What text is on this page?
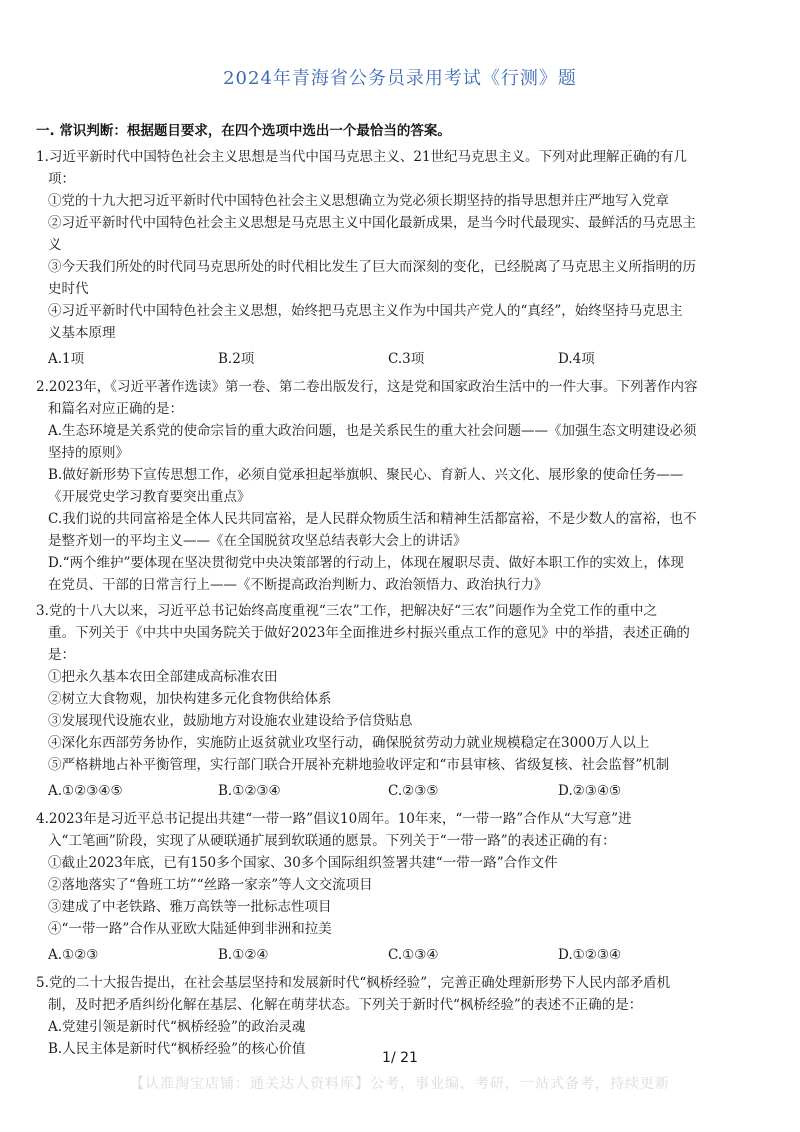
2024年青海省公务员录用考试《行测》题
一. 常识判断：根据题目要求，在四个选项中选出一个最恰当的答案。
1.习近平新时代中国特色社会主义思想是当代中国马克思主义、21世纪马克思主义。下列对此理解正确的有几
项：
①党的十九大把习近平新时代中国特色社会主义思想确立为党必须长期坚持的指导思想并庄严地写入党章
②习近平新时代中国特色社会主义思想是马克思主义中国化最新成果，是当今时代最现实、最鲜活的马克思主
义
③今天我们所处的时代同马克思所处的时代相比发生了巨大而深刻的变化，已经脱离了马克思主义所指明的历
史时代
④习近平新时代中国特色社会主义思想，始终把马克思主义作为中国共产党人的“真经”，始终坚持马克思主
义基本原理
A.1项	B.2项	C.3项	D.4项
2.2023年，《习近平著作选读》第一卷、第二卷出版发行，这是党和国家政治生活中的一件大事。下列著作内容
和篇名对应正确的是：
A.生态环境是关系党的使命宗旨的重大政治问题，也是关系民生的重大社会问题——《加强生态文明建设必须
坚持的原则》
B.做好新形势下宣传思想工作，必须自觉承担起举旗帜、聚民心、育新人、兴文化、展形象的使命任务——
《开展党史学习教育要突出重点》
C.我们说的共同富裕是全体人民共同富裕，是人民群众物质生活和精神生活都富裕，不是少数人的富裕，也不
是整齐划一的平均主义——《在全国脱贫攻坚总结表彰大会上的讲话》
D.“两个维护”要体现在坚决贯彻党中央决策部署的行动上，体现在履职尽责、做好本职工作的实效上，体现
在党员、干部的日常言行上——《不断提高政治判断力、政治领悟力、政治执行力》
3.党的十八大以来，习近平总书记始终高度重视“三农”工作，把解决好“三农”问题作为全党工作的重中之
重。下列关于《中共中央国务院关于做好2023年全面推进乡村振兴重点工作的意见》中的举措，表述正确的
是：
①把永久基本农田全部建成高标准农田
②树立大食物观，加快构建多元化食物供给体系
③发展现代设施农业，鼓励地方对设施农业建设给予信贷贴息
④深化东西部劳务协作，实施防止返贫就业攻坚行动，确保脱贫劳动力就业规模稳定在3000万人以上
⑤严格耕地占补平衡管理，实行部门联合开展补充耕地验收评定和“市县审核、省级复核、社会监督”机制
A.①②③④⑤	B.①②③④	C.②③⑤	D.②③④⑤
4.2023年是习近平总书记提出共建“一带一路”倡议10周年。10年来，“一带一路”合作从“大写意”进
入“工笔画”阶段，实现了从硬联通扩展到软联通的愿景。下列关于“一带一路”的表述正确的有：
①截止2023年底，已有150多个国家、30多个国际组织签署共建“一带一路”合作文件
②落地落实了“鲁班工坊”“丝路一家亲”等人文交流项目
③建成了中老铁路、雅万高铁等一批标志性项目
④“一带一路”合作从亚欧大陆延伸到非洲和拉美
A.①②③	B.①②④	C.①③④	D.①②③④
5.党的二十大报告提出，在社会基层坚持和发展新时代“枫桥经验”，完善正确处理新形势下人民内部矛盾机
制，及时把矛盾纠纷化解在基层、化解在萌芽状态。下列关于新时代“枫桥经验”的表述不正确的是：
A.党建引领是新时代“枫桥经验”的政治灵魂
B.人民主体是新时代“枫桥经验”的核心价值
1/ 21
【认准淘宝店铺：通关达人资料库】公考，事业编，考研，一站式备考，持续更新
